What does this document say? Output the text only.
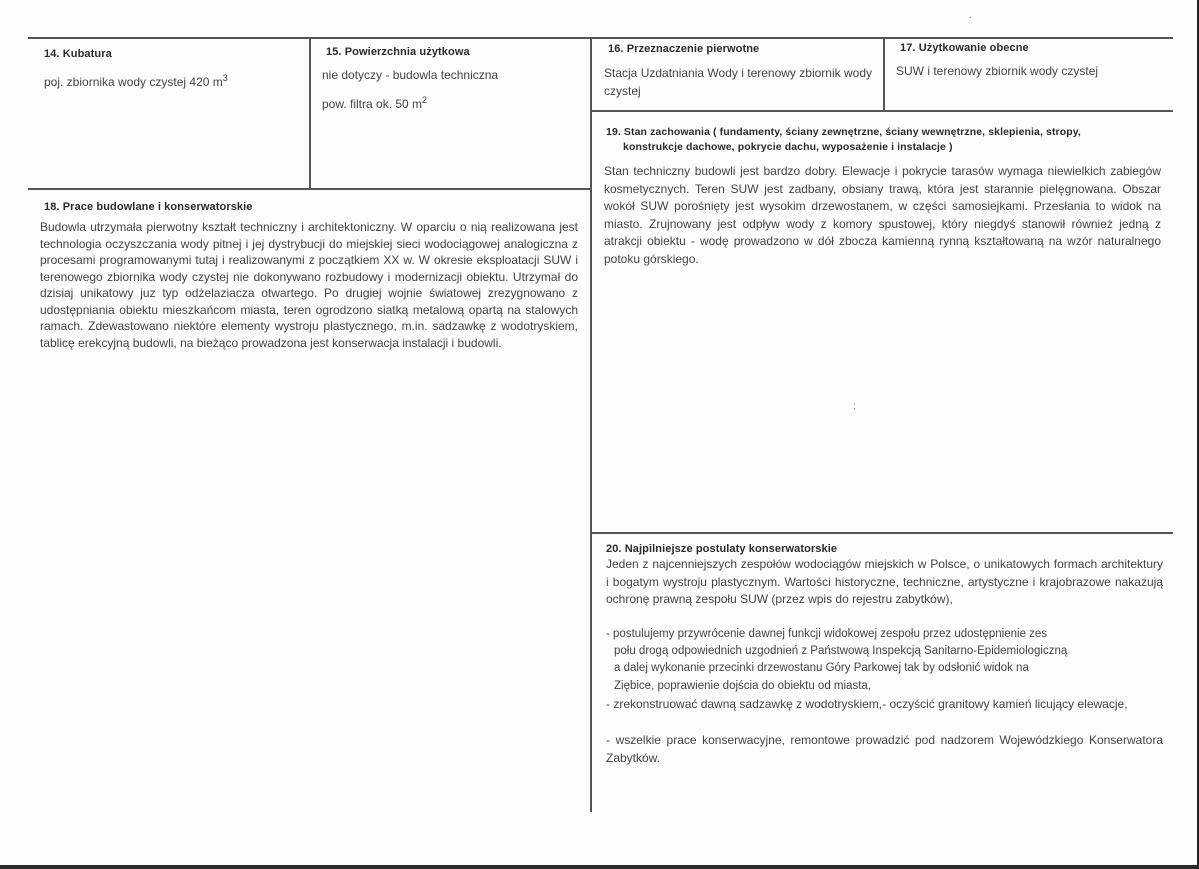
14. Kubatura
poj. zbiornika wody czystej 420 $m^3$
15. Powierzchnia użytkowa
nie dotyczy - budowla techniczna
pow. filtra ok. 50 $m^2$
16. Przeznaczenie pierwotne
Stacja Uzdatniania Wody i terenowy zbiornik wody czystej
17. Użytkowanie obecne
SUW i terenowy zbiornik wody czystej
19. Stan zachowania ( fundamenty, ściany zewnętrzne, ściany wewnętrzne, sklepienia, stropy,
konstrukcje dachowe, pokrycie dachu, wyposażenie i instalacje )
Stan techniczny budowli jest bardzo dobry. Elewacje i pokrycie tarasów wymaga niewielkich zabiegów kosmetycznych. Teren SUW jest zadbany, obsiany trawą, która jest starannie pielęgnowana. Obszar wokół SUW porośnięty jest wysokim drzewostanem, w części samosiejkami. Przesłania to widok na miasto. Zrujnowany jest odpływ wody z komory spustowej, który niegdyś stanowił również jedną z atrakcji obiektu - wodę prowadzono w dół zbocza kamienną rynną kształtowaną na wzór naturalnego potoku górskiego.
18. Prace budowlane i konserwatorskie
Budowla utrzymała pierwotny kształt techniczny i architektoniczny. W oparciu o nią realizowana jest technologia oczyszczania wody pitnej i jej dystrybucji do miejskiej sieci wodociągowej analogiczna z procesami programowanymi tutaj i realizowanymi z początkiem XX w. W okresie eksploatacji SUW i terenowego zbiornika wody czystej nie dokonywano rozbudowy i modernizacji obiektu. Utrzymał do dzisiaj unikatowy juz typ odżelaziacza otwartego. Po drugiej wojnie światowej zrezygnowano z udostępniania obiektu mieszkańcom miasta, teren ogrodzono siatką metalową opartą na stalowych ramach. Zdewastowano niektóre elementy wystroju plastycznego, m.in. sadzawkę z wodotryskiem, tablicę erekcyjną budowli, na bieżąco prowadzona jest konserwacja instalacji i budowli.
20. Najpilniejsze postulaty konserwatorskie
Jeden z najcenniejszych zespołów wodociągów miejskich w Polsce, o unikatowych formach architektury i bogatym wystroju plastycznym. Wartości historyczne, techniczne, artystyczne i krajobrazowe nakazują ochronę prawną zespołu SUW (przez wpis do rejestru zabytków),
- postulujemy przywrócenie dawnej funkcji widokowej zespołu przez udostępnienie zes
połu drogą odpowiednich uzgodnień z Państwową Inspekcją Sanitarno-Epidemiologiczną
a dalej wykonanie przecinki drzewostanu Góry Parkowej tak by odsłonić widok na
Ziębice, poprawienie dojścia do obiektu od miasta,
- zrekonstruować dawną sadzawkę z wodotryskiem,- oczyścić granitowy kamień licujący elewacje,
- wszelkie prace konserwacyjne, remontowe prowadzić pod nadzorem Wojewódzkiego Konserwatora Zabytków.
.
:
